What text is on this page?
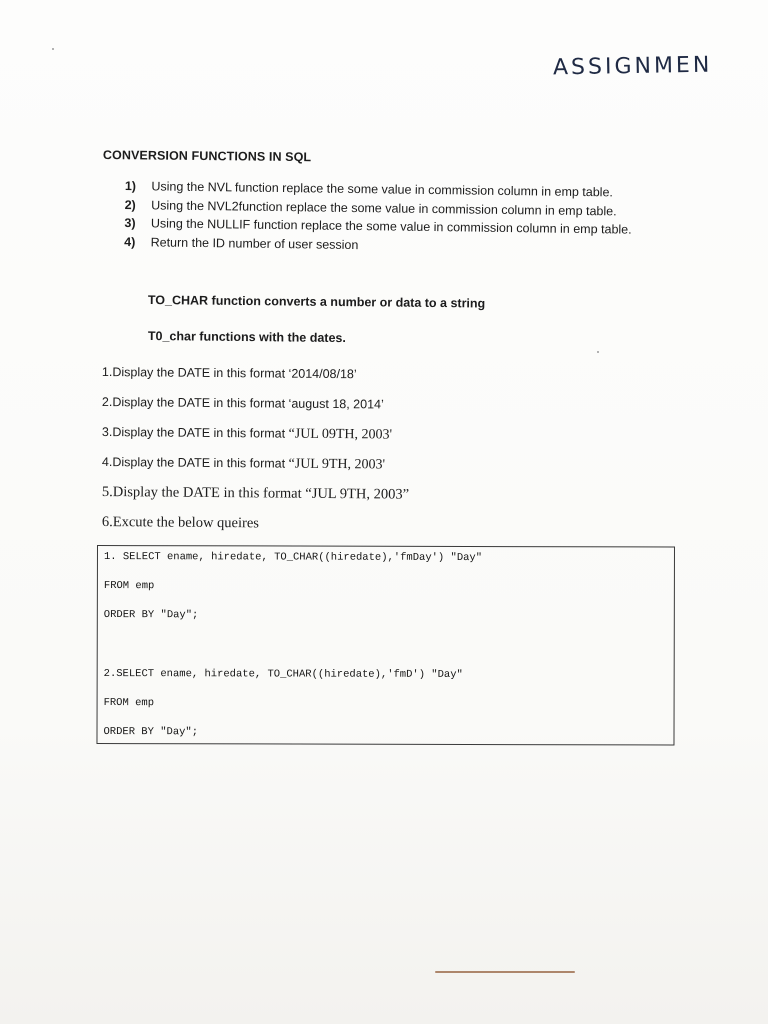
ASSIGNMEN
CONVERSION FUNCTIONS IN SQL
1) Using the NVL function replace the some value in commission column in emp table.
2) Using the NVL2function replace the some value in commission column in emp table.
3) Using the NULLIF function replace the some value in commission column in emp table.
4) Return the ID number of user session
TO_CHAR function converts a number or data to a string
T0_char functions with the dates.
1.Display the DATE in this format ‘2014/08/18’
2.Display the DATE in this format ‘august 18, 2014’
3.Display the DATE in this format “JUL 09TH, 2003'
4.Display the DATE in this format “JUL 9TH, 2003'
5.Display the DATE in this format “JUL 9TH, 2003”
6.Excute the below queires
1. SELECT ename, hiredate, TO_CHAR((hiredate),'fmDay') "Day"
FROM emp
ORDER BY "Day";
2.SELECT ename, hiredate, TO_CHAR((hiredate),'fmD') "Day"
FROM emp
ORDER BY "Day";
